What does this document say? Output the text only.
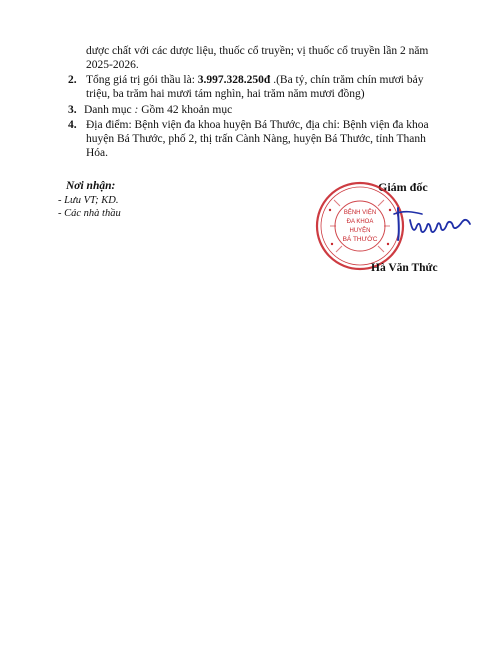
dược chất với các dược liệu, thuốc cổ truyền; vị thuốc cổ truyền lần 2 năm
2025-2026.
2. Tổng giá trị gói thầu là: 3.997.328.250đ .(Ba tỷ, chín trăm chín mươi bảy
triệu, ba trăm hai mươi tám nghìn, hai trăm năm mươi đồng)
3. Danh mục : Gồm 42 khoản mục
4. Địa điểm: Bệnh viện đa khoa huyện Bá Thước, địa chỉ: Bệnh viện đa khoa
huyện Bá Thước, phố 2, thị trấn Cành Nàng, huyện Bá Thước, tỉnh Thanh
Hóa.
Nơi nhận:
- Lưu VT; KD.
- Các nhà thầu
Giám đốc
BỆNH VIỆN
ĐA KHOA
HUYỆN
BÁ THƯỚC
Hà Văn Thức
